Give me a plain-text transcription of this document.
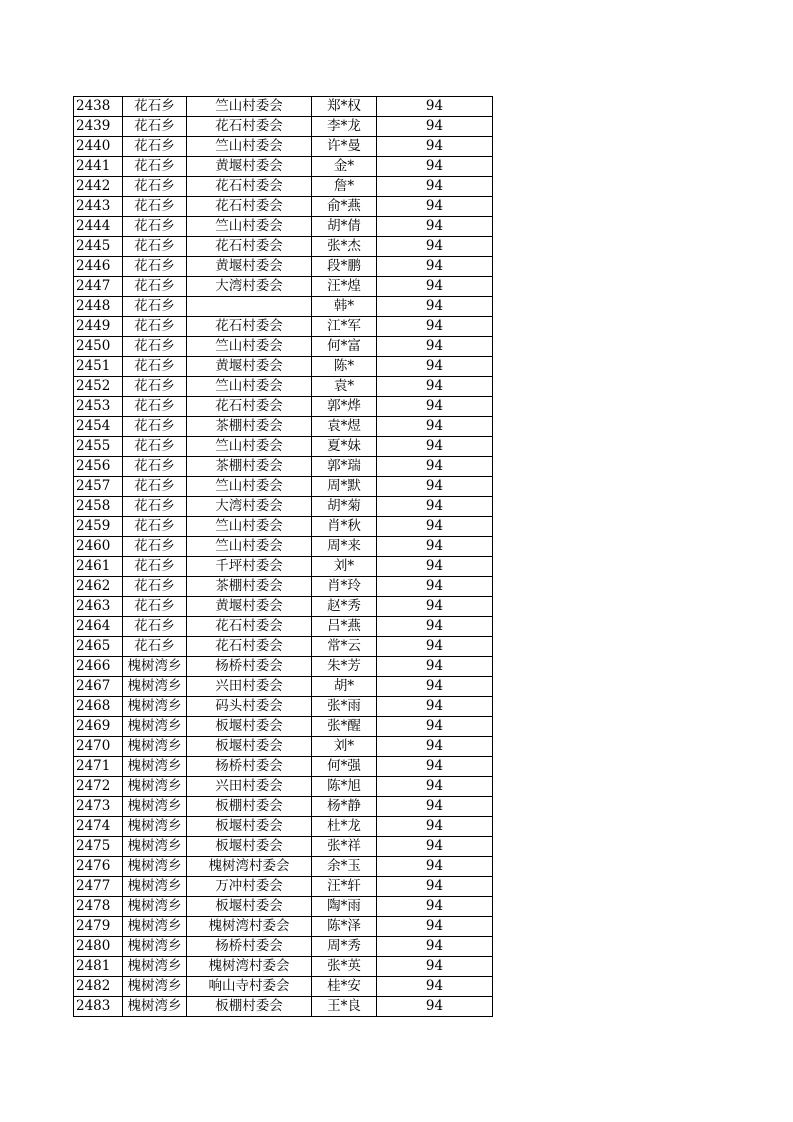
2438	花石乡	竺山村委会	郑*权	94
2439	花石乡	花石村委会	李*龙	94
2440	花石乡	竺山村委会	许*曼	94
2441	花石乡	黄堰村委会	金*	94
2442	花石乡	花石村委会	詹*	94
2443	花石乡	花石村委会	俞*燕	94
2444	花石乡	竺山村委会	胡*倩	94
2445	花石乡	花石村委会	张*杰	94
2446	花石乡	黄堰村委会	段*鹏	94
2447	花石乡	大湾村委会	汪*煌	94
2448	花石乡		韩*	94
2449	花石乡	花石村委会	江*军	94
2450	花石乡	竺山村委会	何*富	94
2451	花石乡	黄堰村委会	陈*	94
2452	花石乡	竺山村委会	袁*	94
2453	花石乡	花石村委会	郭*烨	94
2454	花石乡	茶棚村委会	袁*煜	94
2455	花石乡	竺山村委会	夏*妹	94
2456	花石乡	茶棚村委会	郭*瑞	94
2457	花石乡	竺山村委会	周*默	94
2458	花石乡	大湾村委会	胡*菊	94
2459	花石乡	竺山村委会	肖*秋	94
2460	花石乡	竺山村委会	周*来	94
2461	花石乡	千坪村委会	刘*	94
2462	花石乡	茶棚村委会	肖*玲	94
2463	花石乡	黄堰村委会	赵*秀	94
2464	花石乡	花石村委会	吕*燕	94
2465	花石乡	花石村委会	常*云	94
2466	槐树湾乡	杨桥村委会	朱*芳	94
2467	槐树湾乡	兴田村委会	胡*	94
2468	槐树湾乡	码头村委会	张*雨	94
2469	槐树湾乡	板堰村委会	张*醒	94
2470	槐树湾乡	板堰村委会	刘*	94
2471	槐树湾乡	杨桥村委会	何*强	94
2472	槐树湾乡	兴田村委会	陈*旭	94
2473	槐树湾乡	板棚村委会	杨*静	94
2474	槐树湾乡	板堰村委会	杜*龙	94
2475	槐树湾乡	板堰村委会	张*祥	94
2476	槐树湾乡	槐树湾村委会	余*玉	94
2477	槐树湾乡	万冲村委会	汪*轩	94
2478	槐树湾乡	板堰村委会	陶*雨	94
2479	槐树湾乡	槐树湾村委会	陈*泽	94
2480	槐树湾乡	杨桥村委会	周*秀	94
2481	槐树湾乡	槐树湾村委会	张*英	94
2482	槐树湾乡	响山寺村委会	桂*安	94
2483	槐树湾乡	板棚村委会	王*良	94
